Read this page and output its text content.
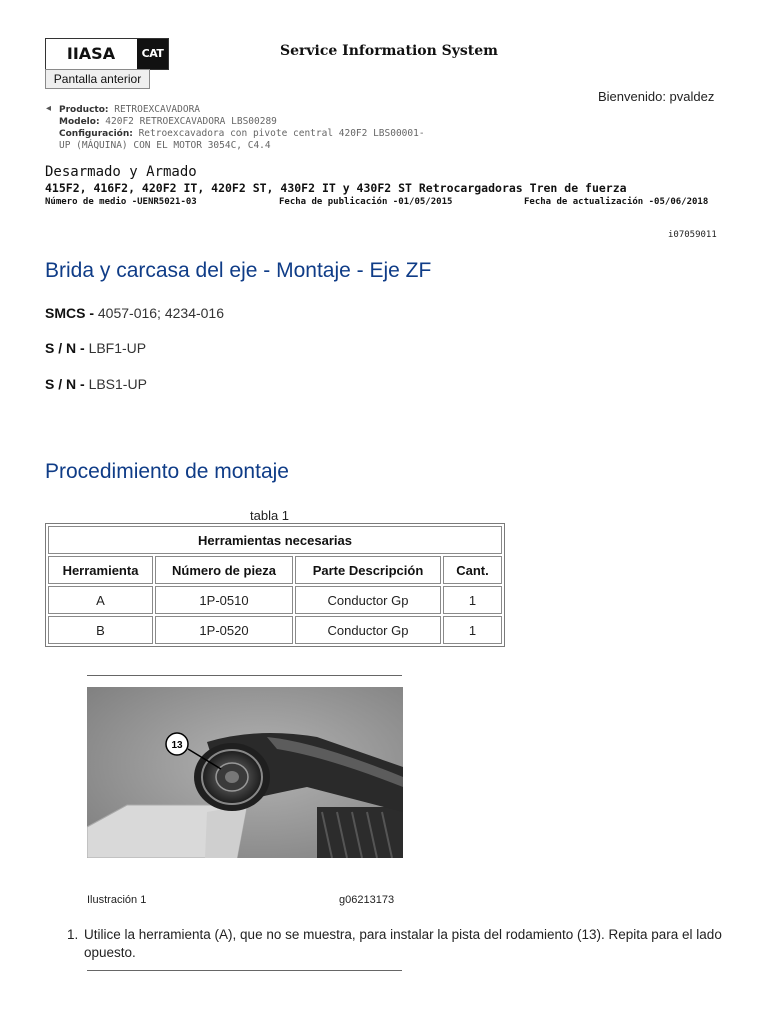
IIASA	CAT
Pantalla anterior
Service Information System
Bienvenido: pvaldez
◂ Producto: RETROEXCAVADORA
Modelo: 420F2 RETROEXCAVADORA LBS00289
Configuración: Retroexcavadora con pivote central 420F2 LBS00001-
UP (MÁQUINA) CON EL MOTOR 3054C, C4.4
Desarmado y Armado
415F2, 416F2, 420F2 IT, 420F2 ST, 430F2 IT y 430F2 ST Retrocargadoras Tren de fuerza
Número de medio -UENR5021-03	Fecha de publicación -01/05/2015	Fecha de actualización -05/06/2018
i07059011
Brida y carcasa del eje - Montaje - Eje ZF
SMCS - 4057-016; 4234-016
S / N - LBF1-UP
S / N - LBS1-UP
Procedimiento de montaje
tabla 1
Herramientas necesarias			
Herramienta	Número de pieza	Parte Descripción	Cant.
A	1P-0510	Conductor Gp	1
B	1P-0520	Conductor Gp	1
13
Ilustración 1	g06213173
1. Utilice la herramienta (A), que no se muestra, para instalar la pista del rodamiento (13). Repita para el lado opuesto.
